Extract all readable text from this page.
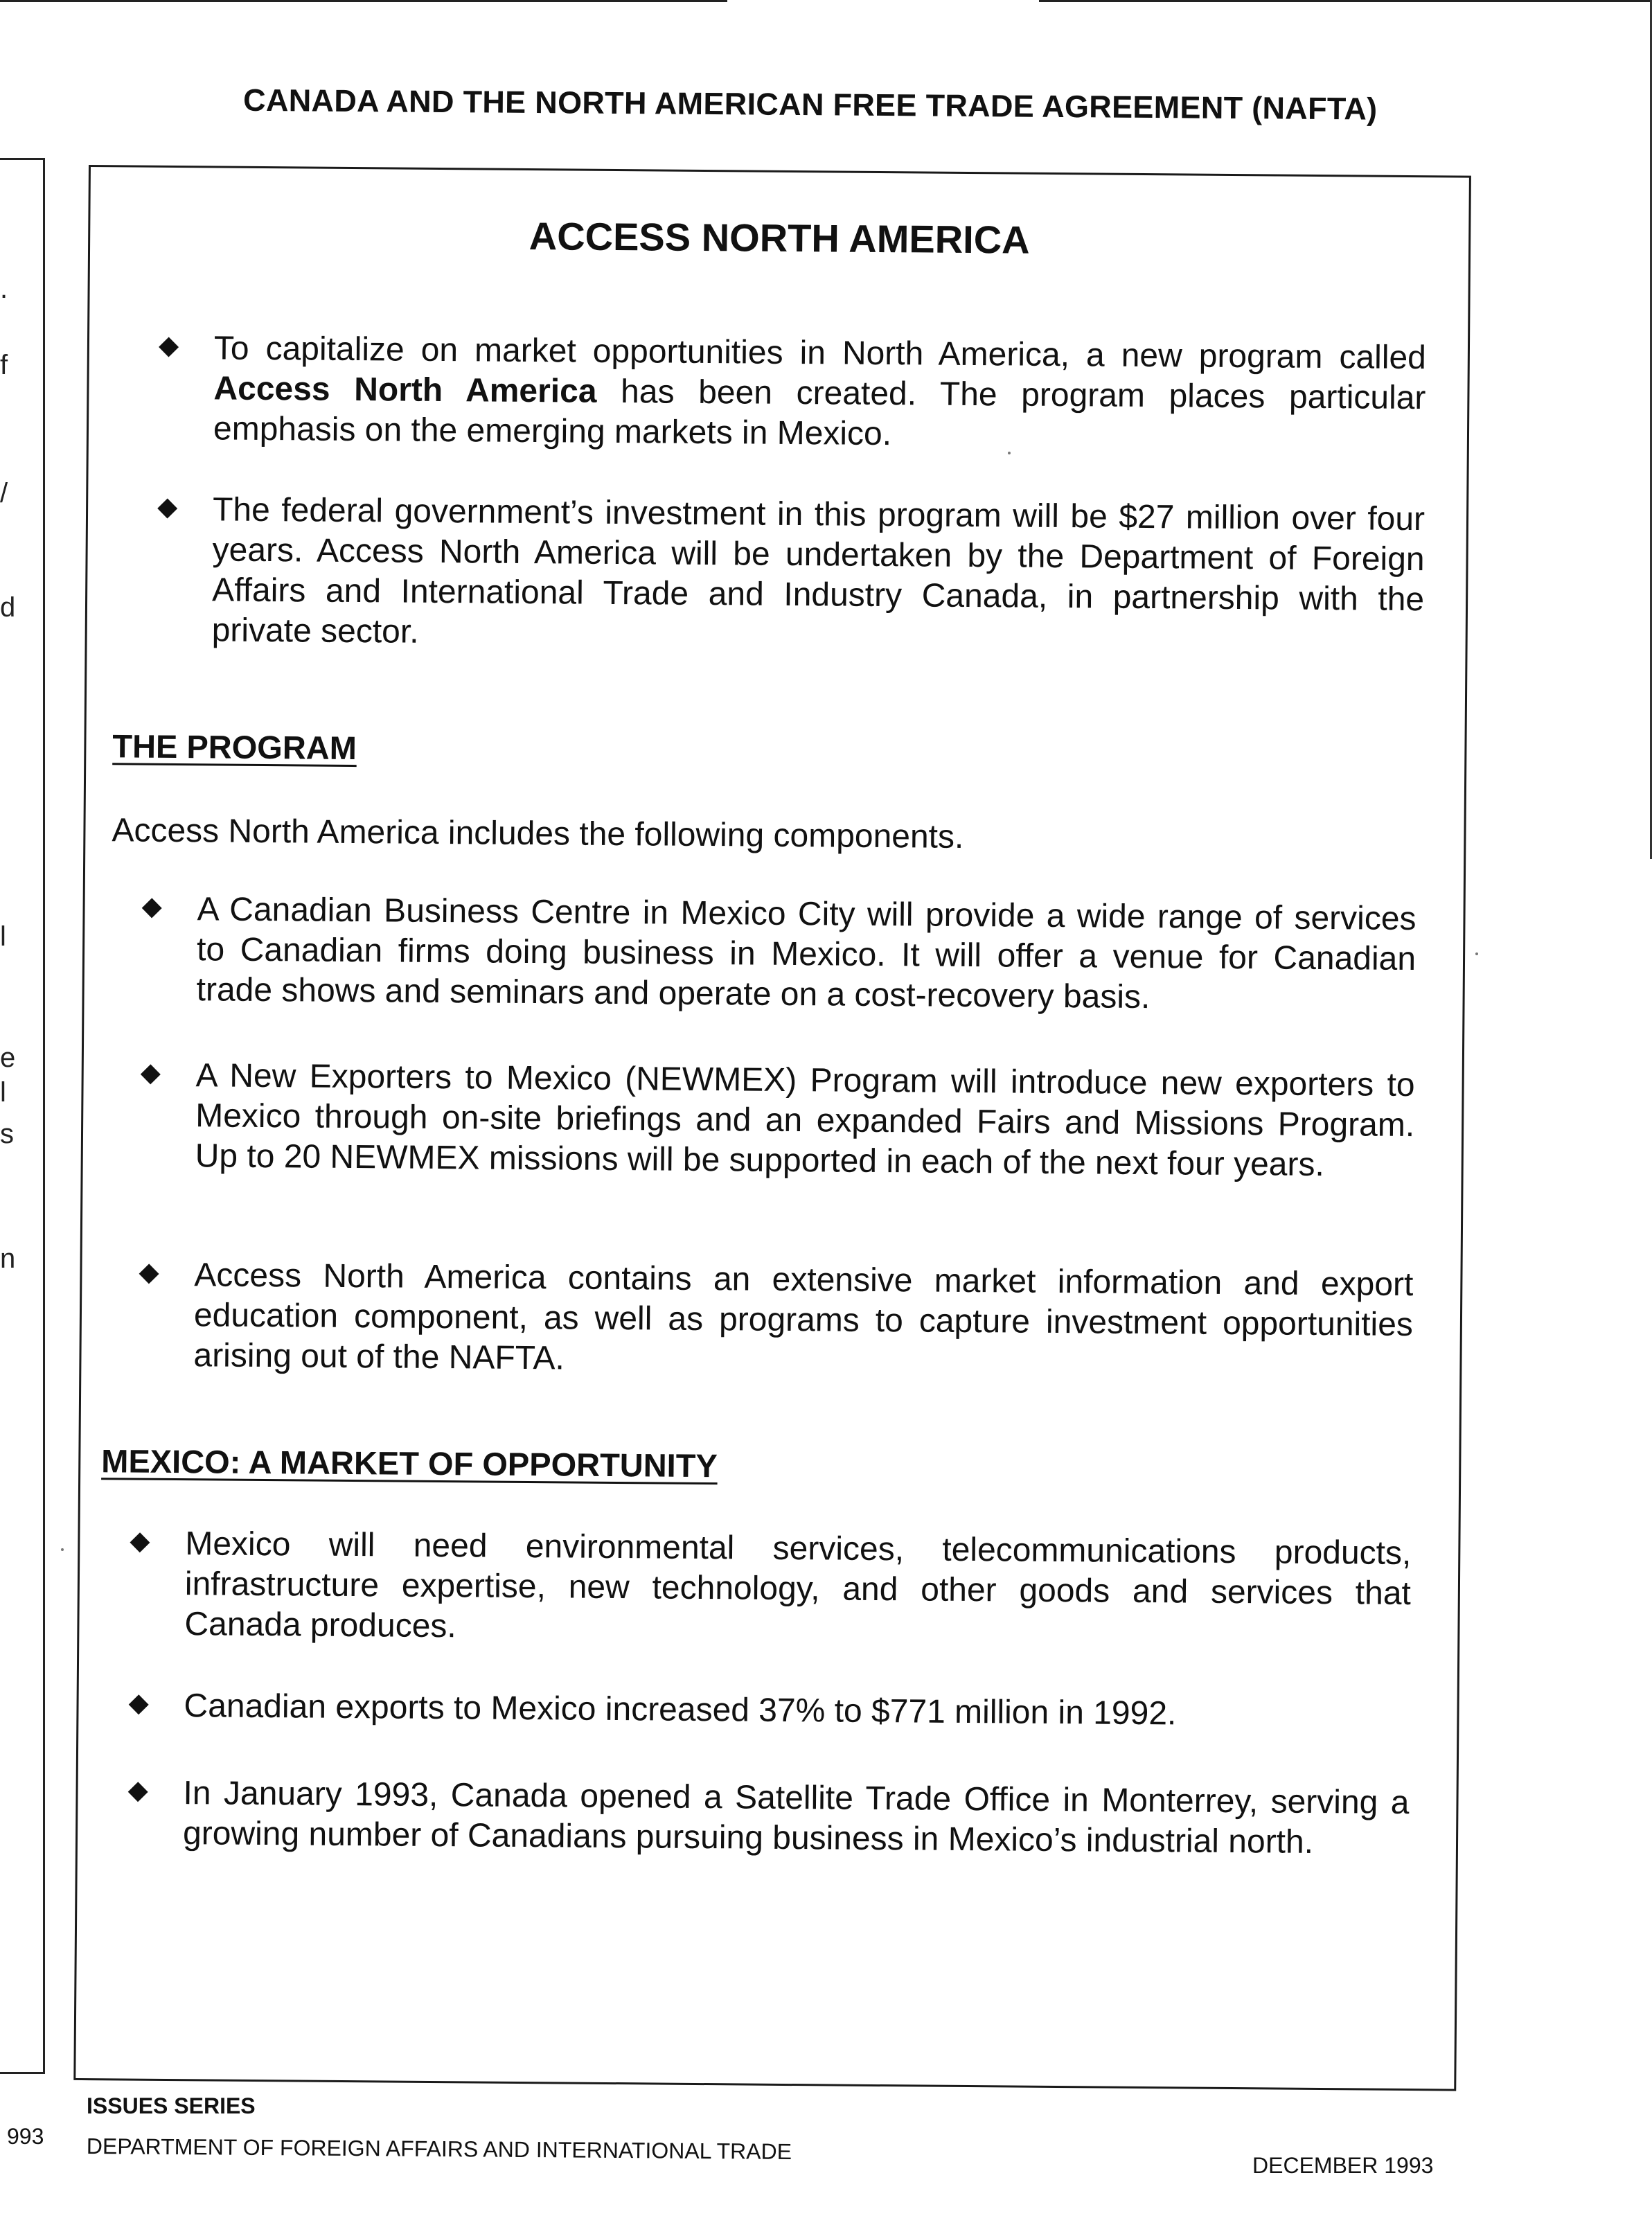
.
f
/
d
l
e
l
s
n
CANADA AND THE NORTH AMERICAN FREE TRADE AGREEMENT (NAFTA)
ACCESS NORTH AMERICA
◆ To capitalize on market opportunities in North America, a new program called Access North America has been created. The program places particular emphasis on the emerging markets in Mexico.
◆ The federal government’s investment in this program will be $27 million over four years. Access North America will be undertaken by the Department of Foreign Affairs and International Trade and Industry Canada, in partnership with the private sector.
THE PROGRAM
Access North America includes the following components.
◆ A Canadian Business Centre in Mexico City will provide a wide range of services to Canadian firms doing business in Mexico. It will offer a venue for Canadian trade shows and seminars and operate on a cost-recovery basis.
◆ A New Exporters to Mexico (NEWMEX) Program will introduce new exporters to Mexico through on-site briefings and an expanded Fairs and Missions Program. Up to 20 NEWMEX missions will be supported in each of the next four years.
◆ Access North America contains an extensive market information and export education component, as well as programs to capture investment opportunities arising out of the NAFTA.
MEXICO: A MARKET OF OPPORTUNITY
◆ Mexico will need environmental services, telecommunications products, infrastructure expertise, new technology, and other goods and services that Canada produces.
◆ Canadian exports to Mexico increased 37% to $771 million in 1992.
◆ In January 1993, Canada opened a Satellite Trade Office in Monterrey, serving a growing number of Canadians pursuing business in Mexico’s industrial north.
ISSUES SERIES
DEPARTMENT OF FOREIGN AFFAIRS AND INTERNATIONAL TRADE
DECEMBER 1993
993
